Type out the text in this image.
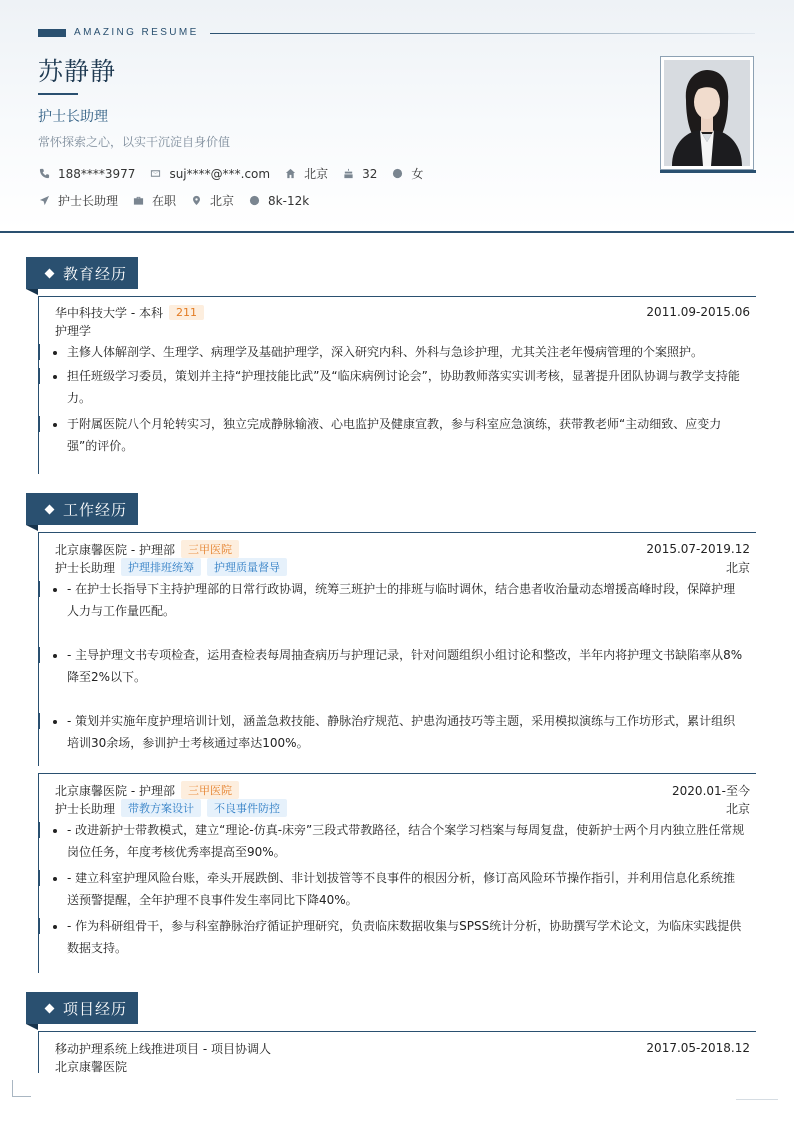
AMAZING RESUME
苏静静
护士长助理
常怀探索之心，以实干沉淀自身价值
188****3977	suj****@***.com	北京	32	女
护士长助理	在职	北京	8k-12k
教育经历
华中科技大学 - 本科	211	2011.09-2015.06
护理学
主修人体解剖学、生理学、病理学及基础护理学，深入研究内科、外科与急诊护理，尤其关注老年慢病管理的个案照护。
担任班级学习委员，策划并主持“护理技能比武”及“临床病例讨论会”，协助教师落实实训考核，显著提升团队协调与教学支持能力。
于附属医院八个月轮转实习，独立完成静脉输液、心电监护及健康宣教，参与科室应急演练，获带教老师“主动细致、应变力强”的评价。
工作经历
北京康馨医院 - 护理部	三甲医院	2015.07-2019.12
护士长助理	护理排班统筹	护理质量督导	北京
- 在护士长指导下主持护理部的日常行政协调，统筹三班护士的排班与临时调休，结合患者收治量动态增援高峰时段，保障护理人力与工作量匹配。
- 主导护理文书专项检查，运用查检表每周抽查病历与护理记录，针对问题组织小组讨论和整改，半年内将护理文书缺陷率从8%降至2%以下。
- 策划并实施年度护理培训计划，涵盖急救技能、静脉治疗规范、护患沟通技巧等主题，采用模拟演练与工作坊形式，累计组织培训30余场，参训护士考核通过率达100%。
北京康馨医院 - 护理部	三甲医院	2020.01-至今
护士长助理	带教方案设计	不良事件防控	北京
- 改进新护士带教模式，建立“理论-仿真-床旁”三段式带教路径，结合个案学习档案与每周复盘，使新护士两个月内独立胜任常规岗位任务，年度考核优秀率提高至90%。
- 建立科室护理风险台账，牵头开展跌倒、非计划拔管等不良事件的根因分析，修订高风险环节操作指引，并利用信息化系统推送预警提醒，全年护理不良事件发生率同比下降40%。
- 作为科研组骨干，参与科室静脉治疗循证护理研究，负责临床数据收集与SPSS统计分析，协助撰写学术论文，为临床实践提供数据支持。
项目经历
移动护理系统上线推进项目 - 项目协调人	2017.05-2018.12
北京康馨医院
